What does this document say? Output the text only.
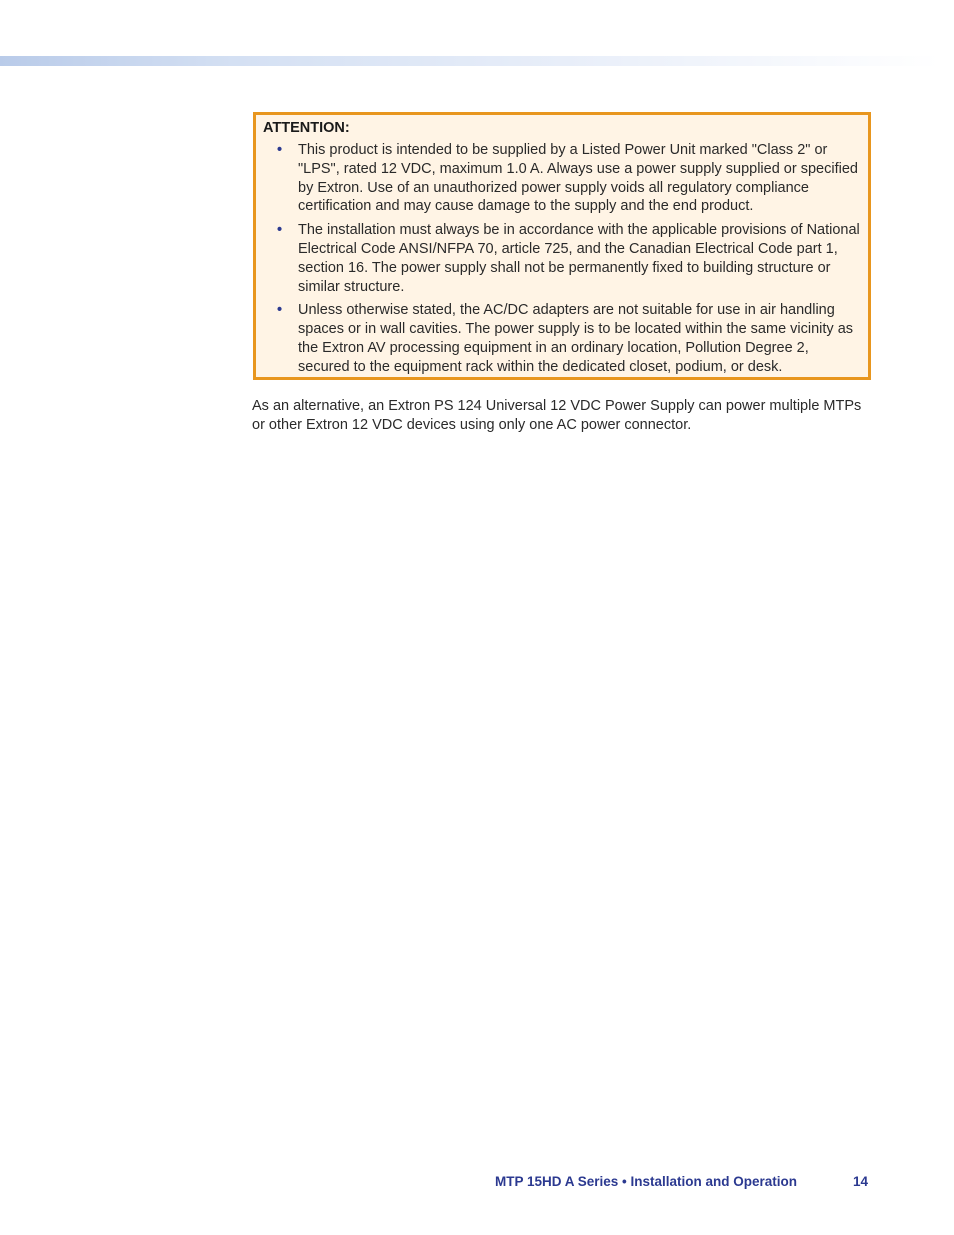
ATTENTION:

• This product is intended to be supplied by a Listed Power Unit marked "Class 2" or "LPS", rated 12 VDC, maximum 1.0 A. Always use a power supply supplied or specified by Extron. Use of an unauthorized power supply voids all regulatory compliance certification and may cause damage to the supply and the end product.
• The installation must always be in accordance with the applicable provisions of National Electrical Code ANSI/NFPA 70, article 725, and the Canadian Electrical Code part 1, section 16. The power supply shall not be permanently fixed to building structure or similar structure.
• Unless otherwise stated, the AC/DC adapters are not suitable for use in air handling spaces or in wall cavities. The power supply is to be located within the same vicinity as the Extron AV processing equipment in an ordinary location, Pollution Degree 2, secured to the equipment rack within the dedicated closet, podium, or desk.

As an alternative, an Extron PS 124 Universal 12 VDC Power Supply can power multiple MTPs or other Extron 12 VDC devices using only one AC power connector.

MTP 15HD A Series • Installation and Operation	14
